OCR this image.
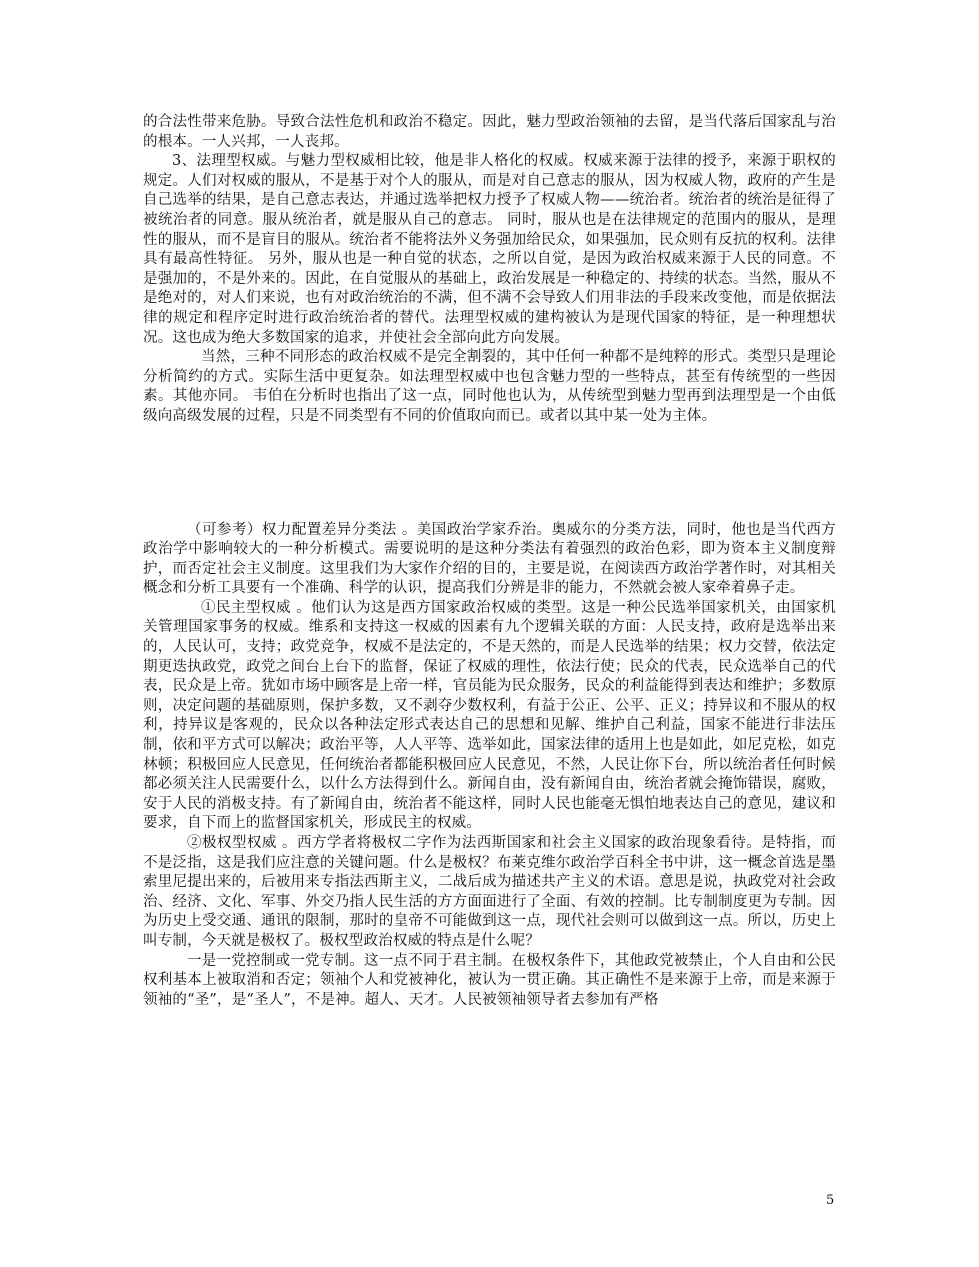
的合法性带来危胁。导致合法性危机和政治不稳定。因此，魅力型政治领袖的去留，是当代落后国家乱与治的根本。一人兴邦，一人丧邦。

3、法理型权威。与魅力型权威相比较，他是非人格化的权威。权威来源于法律的授予，来源于职权的规定。人们对权威的服从，不是基于对个人的服从，而是对自己意志的服从，因为权威人物，政府的产生是自己选举的结果，是自己意志表达，并通过选举把权力授予了权威人物——统治者。统治者的统治是征得了被统治者的同意。服从统治者，就是服从自己的意志。 同时，服从也是在法律规定的范围内的服从，是理性的服从，而不是盲目的服从。统治者不能将法外义务强加给民众，如果强加，民众则有反抗的权利。法律具有最高性特征。 另外，服从也是一种自觉的状态，之所以自觉，是因为政治权威来源于人民的同意。不是强加的，不是外来的。因此，在自觉服从的基础上，政治发展是一种稳定的、持续的状态。当然，服从不是绝对的，对人们来说，也有对政治统治的不满，但不满不会导致人们用非法的手段来改变他，而是依据法律的规定和程序定时进行政治统治者的替代。法理型权威的建构被认为是现代国家的特征，是一种理想状况。这也成为绝大多数国家的追求，并使社会全部向此方向发展。

当然，三种不同形态的政治权威不是完全割裂的，其中任何一种都不是纯粹的形式。类型只是理论分析简约的方式。实际生活中更复杂。如法理型权威中也包含魅力型的一些特点，甚至有传统型的一些因素。其他亦同。 韦伯在分析时也指出了这一点，同时他也认为，从传统型到魅力型再到法理型是一个由低级向高级发展的过程，只是不同类型有不同的价值取向而已。或者以其中某一处为主体。

（可参考）权力配置差异分类法 。美国政治学家乔治。奥威尔的分类方法，同时，他也是当代西方政治学中影响较大的一种分析模式。需要说明的是这种分类法有着强烈的政治色彩，即为资本主义制度辩护，而否定社会主义制度。这里我们为大家作介绍的目的，主要是说，在阅读西方政治学著作时，对其相关概念和分析工具要有一个准确、科学的认识，提高我们分辨是非的能力，不然就会被人家牵着鼻子走。

①民主型权威 。他们认为这是西方国家政治权威的类型。这是一种公民选举国家机关，由国家机关管理国家事务的权威。维系和支持这一权威的因素有九个逻辑关联的方面：人民支持，政府是选举出来的，人民认可，支持；政党竞争，权威不是法定的，不是天然的，而是人民选举的结果；权力交替，依法定期更迭执政党，政党之间台上台下的监督，保证了权威的理性，依法行使；民众的代表，民众选举自己的代表，民众是上帝。犹如市场中顾客是上帝一样，官员能为民众服务，民众的利益能得到表达和维护；多数原则，决定问题的基础原则，保护多数，又不剥夺少数权利，有益于公正、公平、正义；持异议和不服从的权利，持异议是客观的，民众以各种法定形式表达自己的思想和见解、维护自己利益，国家不能进行非法压制，依和平方式可以解决；政治平等，人人平等、选举如此，国家法律的适用上也是如此，如尼克松，如克林顿；积极回应人民意见，任何统治者都能积极回应人民意见，不然，人民让你下台，所以统治者任何时候都必须关注人民需要什么，以什么方法得到什么。新闻自由，没有新闻自由，统治者就会掩饰错误，腐败，安于人民的消极支持。有了新闻自由，统治者不能这样，同时人民也能毫无惧怕地表达自己的意见，建议和要求，自下而上的监督国家机关，形成民主的权威。

②极权型权威 。西方学者将极权二字作为法西斯国家和社会主义国家的政治现象看待。是特指，而不是泛指，这是我们应注意的关键问题。什么是极权？布莱克维尔政治学百科全书中讲，这一概念首选是墨索里尼提出来的，后被用来专指法西斯主义，二战后成为描述共产主义的术语。意思是说，执政党对社会政治、经济、文化、军事、外交乃指人民生活的方方面面进行了全面、有效的控制。比专制制度更为专制。因为历史上受交通、通讯的限制，那时的皇帝不可能做到这一点，现代社会则可以做到这一点。所以，历史上叫专制，今天就是极权了。极权型政治权威的特点是什么呢？

一是一党控制或一党专制。这一点不同于君主制。在极权条件下，其他政党被禁止，个人自由和公民权利基本上被取消和否定；领袖个人和党被神化，被认为一贯正确。其正确性不是来源于上帝，而是来源于领袖的“圣”，是“圣人”，不是神。超人、天才。人民被领袖领导者去参加有严格

5
